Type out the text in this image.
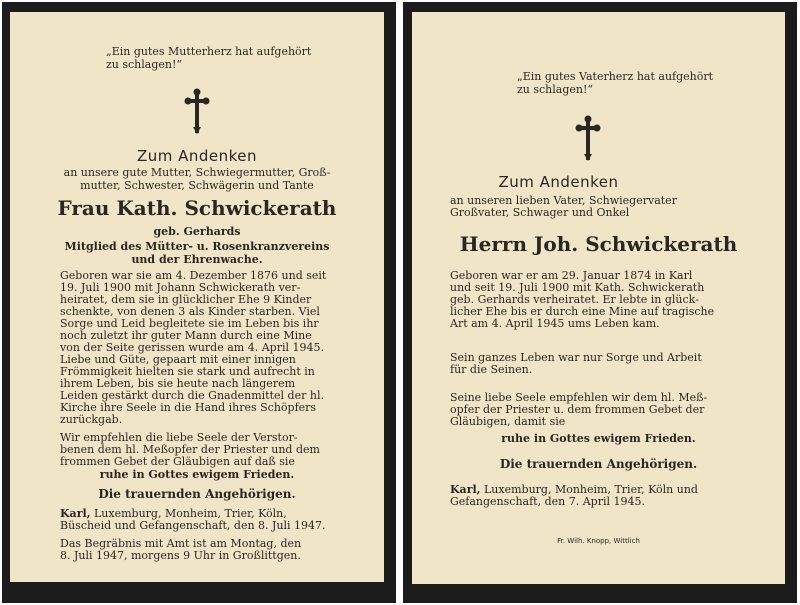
„Ein gutes Mutterherz hat aufgehört
zu schlagen!“
Zum Andenken
an unsere gute Mutter, Schwiegermutter, Groß-
mutter, Schwester, Schwägerin und Tante
Frau Kath. Schwickerath
geb. Gerhards
Mitglied des Mütter- u. Rosenkranzvereins
und der Ehrenwache.
Geboren war sie am 4. Dezember 1876 und seit
19. Juli 1900 mit Johann Schwickerath ver-
heiratet, dem sie in glücklicher Ehe 9 Kinder
schenkte, von denen 3 als Kinder starben. Viel
Sorge und Leid begleitete sie im Leben bis ihr
noch zuletzt ihr guter Mann durch eine Mine
von der Seite gerissen wurde am 4. April 1945.
Liebe und Güte, gepaart mit einer innigen
Frömmigkeit hielten sie stark und aufrecht in
ihrem Leben, bis sie heute nach längerem
Leiden gestärkt durch die Gnadenmittel der hl.
Kirche ihre Seele in die Hand ihres Schöpfers
zurückgab.
Wir empfehlen die liebe Seele der Verstor-
benen dem hl. Meßopfer der Priester und dem
frommen Gebet der Gläubigen auf daß sie
ruhe in Gottes ewigem Frieden.
Die trauernden Angehörigen.
Karl, Luxemburg, Monheim, Trier, Köln,
Büscheid und Gefangenschaft, den 8. Juli 1947.
Das Begräbnis mit Amt ist am Montag, den
8. Juli 1947, morgens 9 Uhr in Großlittgen.
„Ein gutes Vaterherz hat aufgehört
zu schlagen!“
Zum Andenken
an unseren lieben Vater, Schwiegervater
Großvater, Schwager und Onkel
Herrn Joh. Schwickerath
Geboren war er am 29. Januar 1874 in Karl
und seit 19. Juli 1900 mit Kath. Schwickerath
geb. Gerhards verheiratet. Er lebte in glück-
licher Ehe bis er durch eine Mine auf tragische
Art am 4. April 1945 ums Leben kam.
Sein ganzes Leben war nur Sorge und Arbeit
für die Seinen.
Seine liebe Seele empfehlen wir dem hl. Meß-
opfer der Priester u. dem frommen Gebet der
Gläubigen, damit sie
ruhe in Gottes ewigem Frieden.
Die trauernden Angehörigen.
Karl, Luxemburg, Monheim, Trier, Köln und
Gefangenschaft, den 7. April 1945.
Fr. Wilh. Knopp, Wittlich
